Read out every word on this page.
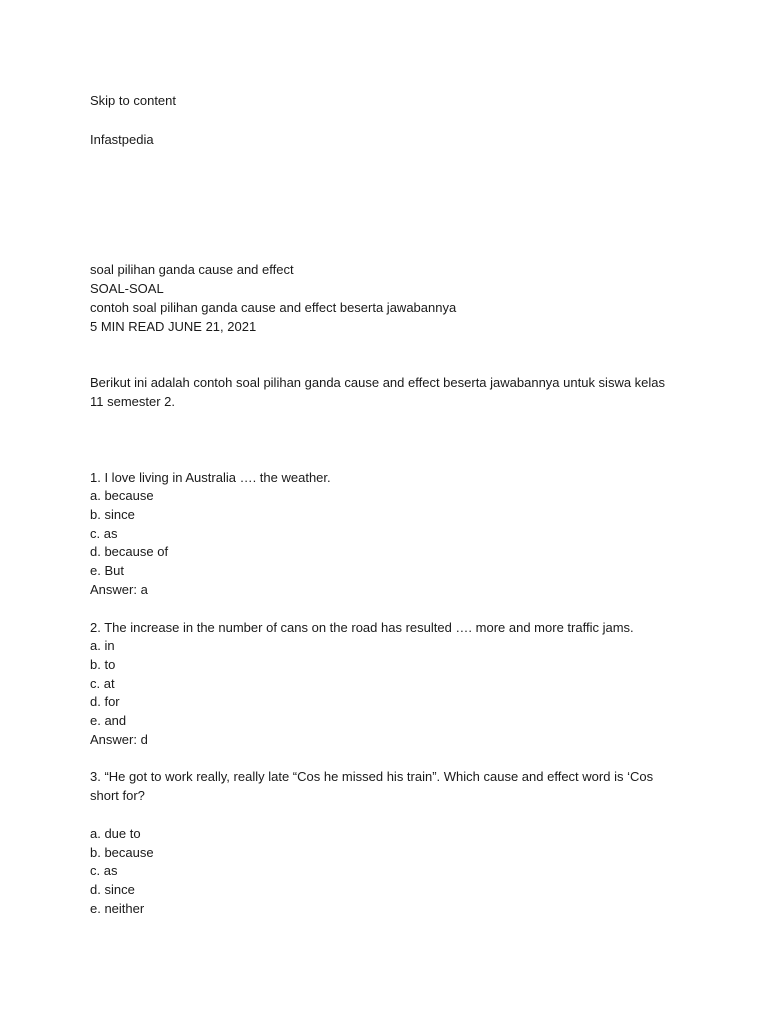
Skip to content
Infastpedia
soal pilihan ganda cause and effect
SOAL-SOAL
contoh soal pilihan ganda cause and effect beserta jawabannya
5 MIN READ JUNE 21, 2021

Berikut ini adalah contoh soal pilihan ganda cause and effect beserta jawabannya untuk siswa kelas 11 semester 2.

1. I love living in Australia …. the weather.
a. because
b. since
c. as
d. because of
e. But
Answer: a
2. The increase in the number of cans on the road has resulted …. more and more traffic jams.
a. in
b. to
c. at
d. for
e. and
Answer: d
3. “He got to work really, really late “Cos he missed his train”. Which cause and effect word is ‘Cos short for?
a. due to
b. because
c. as
d. since
e. neither
